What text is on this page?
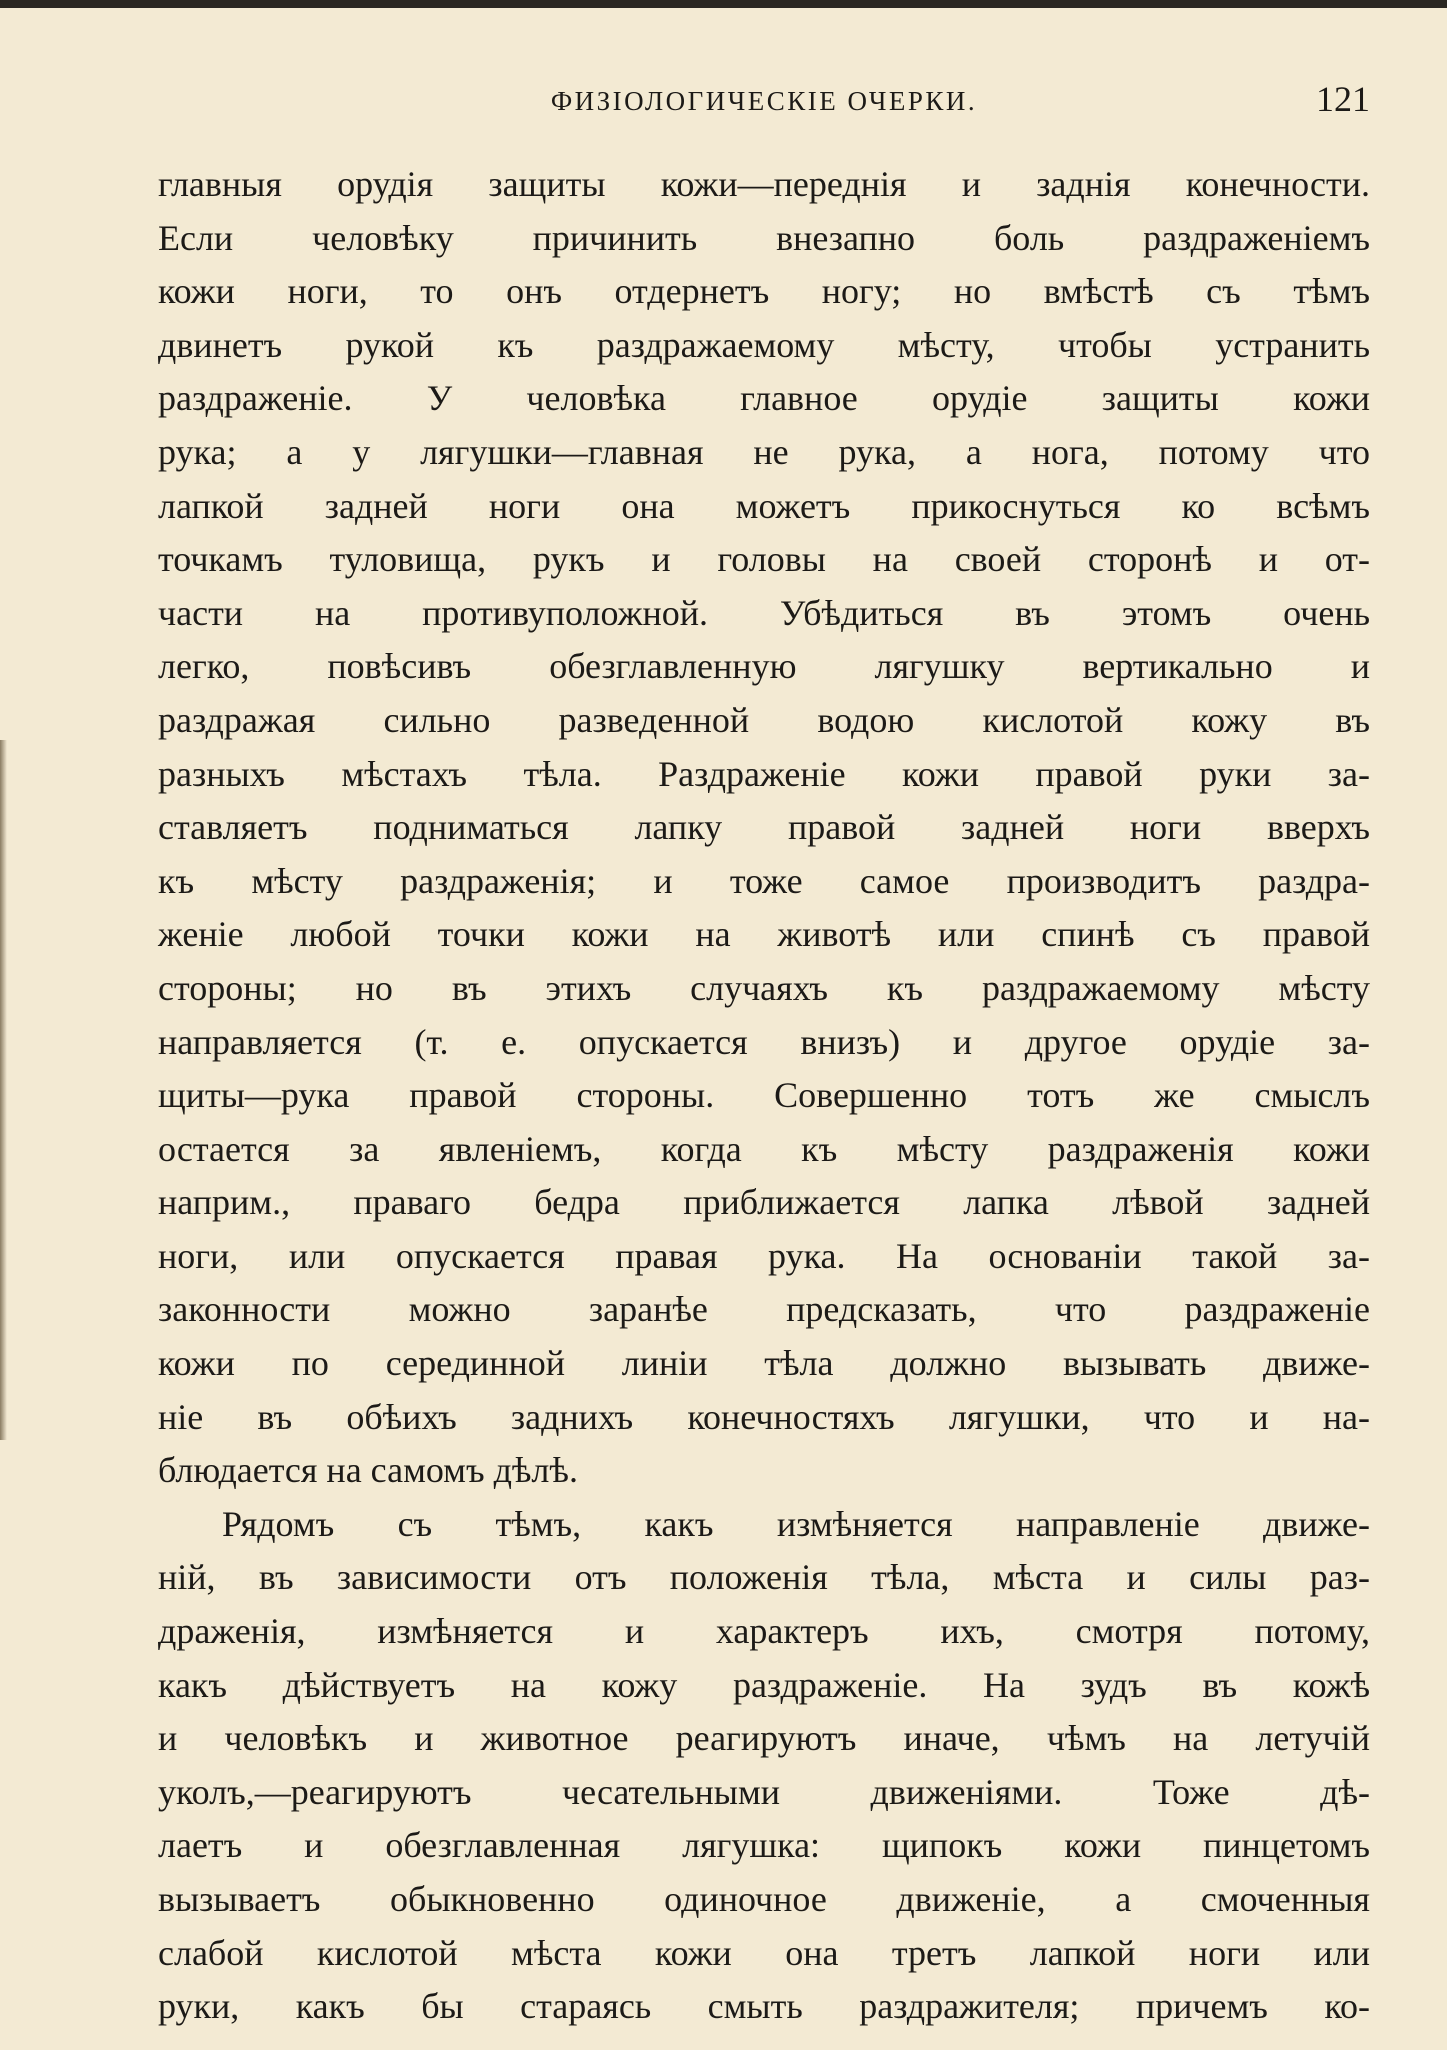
ФИЗIОЛОГИЧЕСКIЕ ОЧЕРКИ.	121
главныя орудiя защиты кожи—переднiя и заднiя конечности.
Если человѣку причинить внезапно боль раздраженiемъ
кожи ноги, то онъ отдернетъ ногу; но вмѣстѣ съ тѣмъ
двинетъ рукой къ раздражаемому мѣсту, чтобы устранить
раздраженiе. У человѣка главное орудiе защиты кожи
рука; а у лягушки—главная не рука, а нога, потому что
лапкой задней ноги она можетъ прикоснуться ко всѣмъ
точкамъ туловища, рукъ и головы на своей сторонѣ и от-
части на противуположной. Убѣдиться въ этомъ очень
легко, повѣсивъ обезглавленную лягушку вертикально и
раздражая сильно разведенной водою кислотой кожу въ
разныхъ мѣстахъ тѣла. Раздраженiе кожи правой руки за-
ставляетъ подниматься лапку правой задней ноги вверхъ
къ мѣсту раздраженiя; и тоже самое производитъ раздра-
женiе любой точки кожи на животѣ или спинѣ съ правой
стороны; но въ этихъ случаяхъ къ раздражаемому мѣсту
направляется (т. е. опускается внизъ) и другое орудiе за-
щиты—рука правой стороны. Совершенно тотъ же смыслъ
остается за явленiемъ, когда къ мѣсту раздраженiя кожи
наприм., праваго бедра приближается лапка лѣвой задней
ноги, или опускается правая рука. На основанiи такой за-
законности можно заранѣе предсказать, что раздраженiе
кожи по серединной линiи тѣла должно вызывать движе-
нiе въ обѣихъ заднихъ конечностяхъ лягушки, что и на-
блюдается на самомъ дѣлѣ.
Рядомъ съ тѣмъ, какъ измѣняется направленiе движе-
нiй, въ зависимости отъ положенiя тѣла, мѣста и силы раз-
драженiя, измѣняется и характеръ ихъ, смотря потому,
какъ дѣйствуетъ на кожу раздраженiе. На зудъ въ кожѣ
и человѣкъ и животное реагируютъ иначе, чѣмъ на летучiй
уколъ,—реагируютъ чесательными движенiями. Тоже дѣ-
лаетъ и обезглавленная лягушка: щипокъ кожи пинцетомъ
вызываетъ обыкновенно одиночное движенiе, а смоченныя
слабой кислотой мѣста кожи она третъ лапкой ноги или
руки, какъ бы стараясь смыть раздражителя; причемъ ко-
